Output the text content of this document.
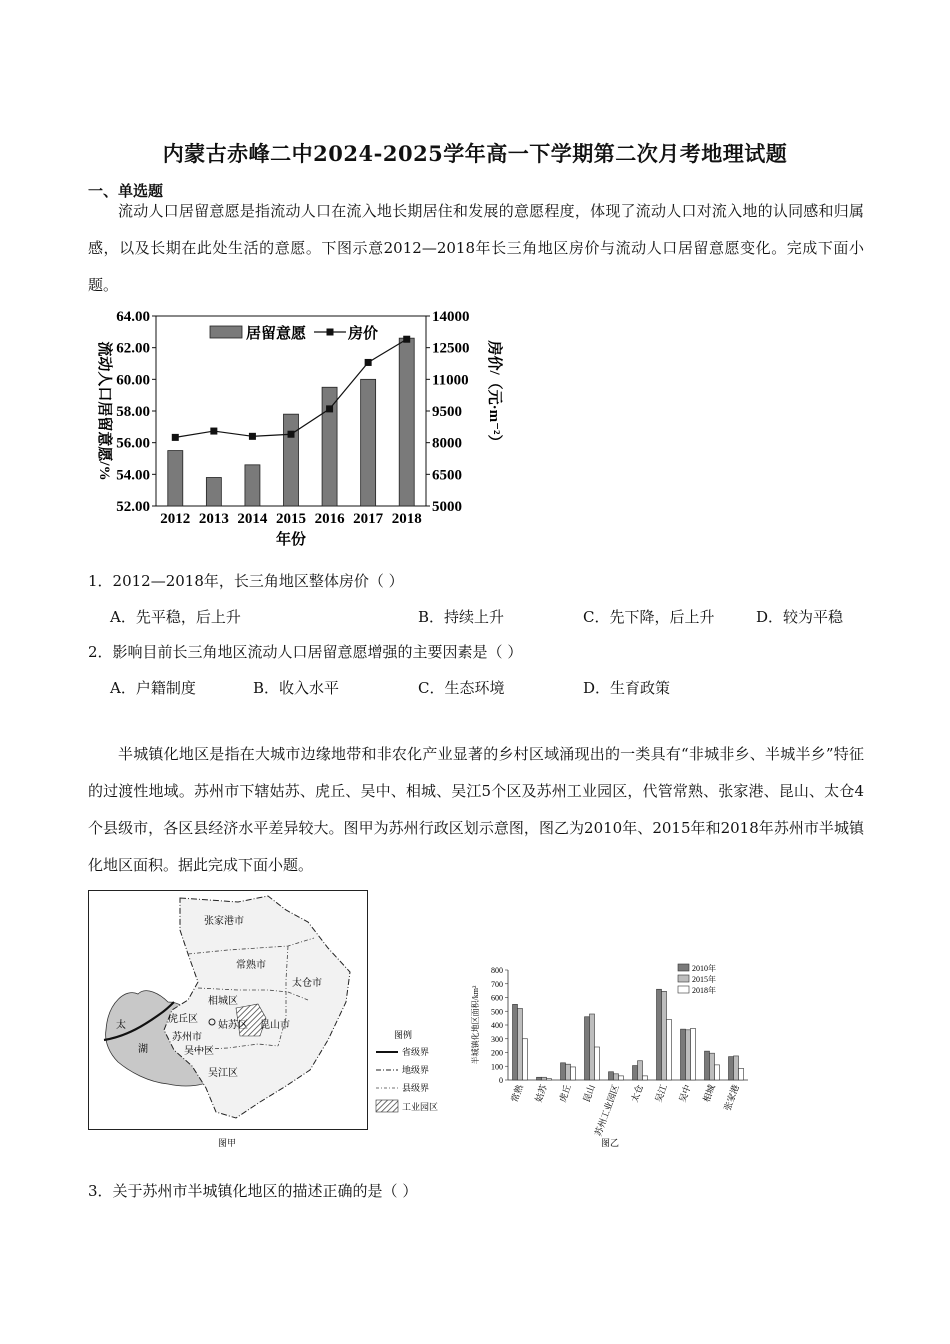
内蒙古赤峰二中2024-2025学年高一下学期第二次月考地理试题
一、单选题
流动人口居留意愿是指流动人口在流入地长期居住和发展的意愿程度，体现了流动人口对流入地的认同感和归属感，以及长期在此处生活的意愿。下图示意2012—2018年长三角地区房价与流动人口居留意愿变化。完成下面小题。
64.00
62.00
60.00
58.00
56.00
54.00
52.00
14000
12500
11000
9500
8000
6500
5000
2012 2013 2014 2015 2016 2017 2018
年份
流动人口居留意愿/%	房价/（元·m⁻²）
居留意愿	房价
1．2012—2018年，长三角地区整体房价（ ）
A．先平稳，后上升	B．持续上升	C．先下降，后上升	D．较为平稳
2．影响目前长三角地区流动人口居留意愿增强的主要因素是（ ）
A．户籍制度	B．收入水平	C．生态环境	D．生育政策
半城镇化地区是指在大城市边缘地带和非农化产业显著的乡村区域涌现出的一类具有“非城非乡、半城半乡”特征的过渡性地域。苏州市下辖姑苏、虎丘、吴中、相城、吴江5个区及苏州工业园区，代管常熟、张家港、昆山、太仓4个县级市，各区县经济水平差异较大。图甲为苏州行政区划示意图，图乙为2010年、2015年和2018年苏州市半城镇化地区面积。据此完成下面小题。
张家港市
常熟市
太仓市
相城区
虎丘区
姑苏区 昆山市
苏州市
吴中区
吴江区
太
湖
图例
省级界
地级界
县级界
工业园区
图甲
800
700
600
500
400
300
200
100
0
常熟 姑苏 虎丘 昆山
苏州工业园区 太仓 吴江 吴中 相城 张家港
半城镇化地区面积/km²
2010年
2015年
2018年
图乙
3．关于苏州市半城镇化地区的描述正确的是（ ）
